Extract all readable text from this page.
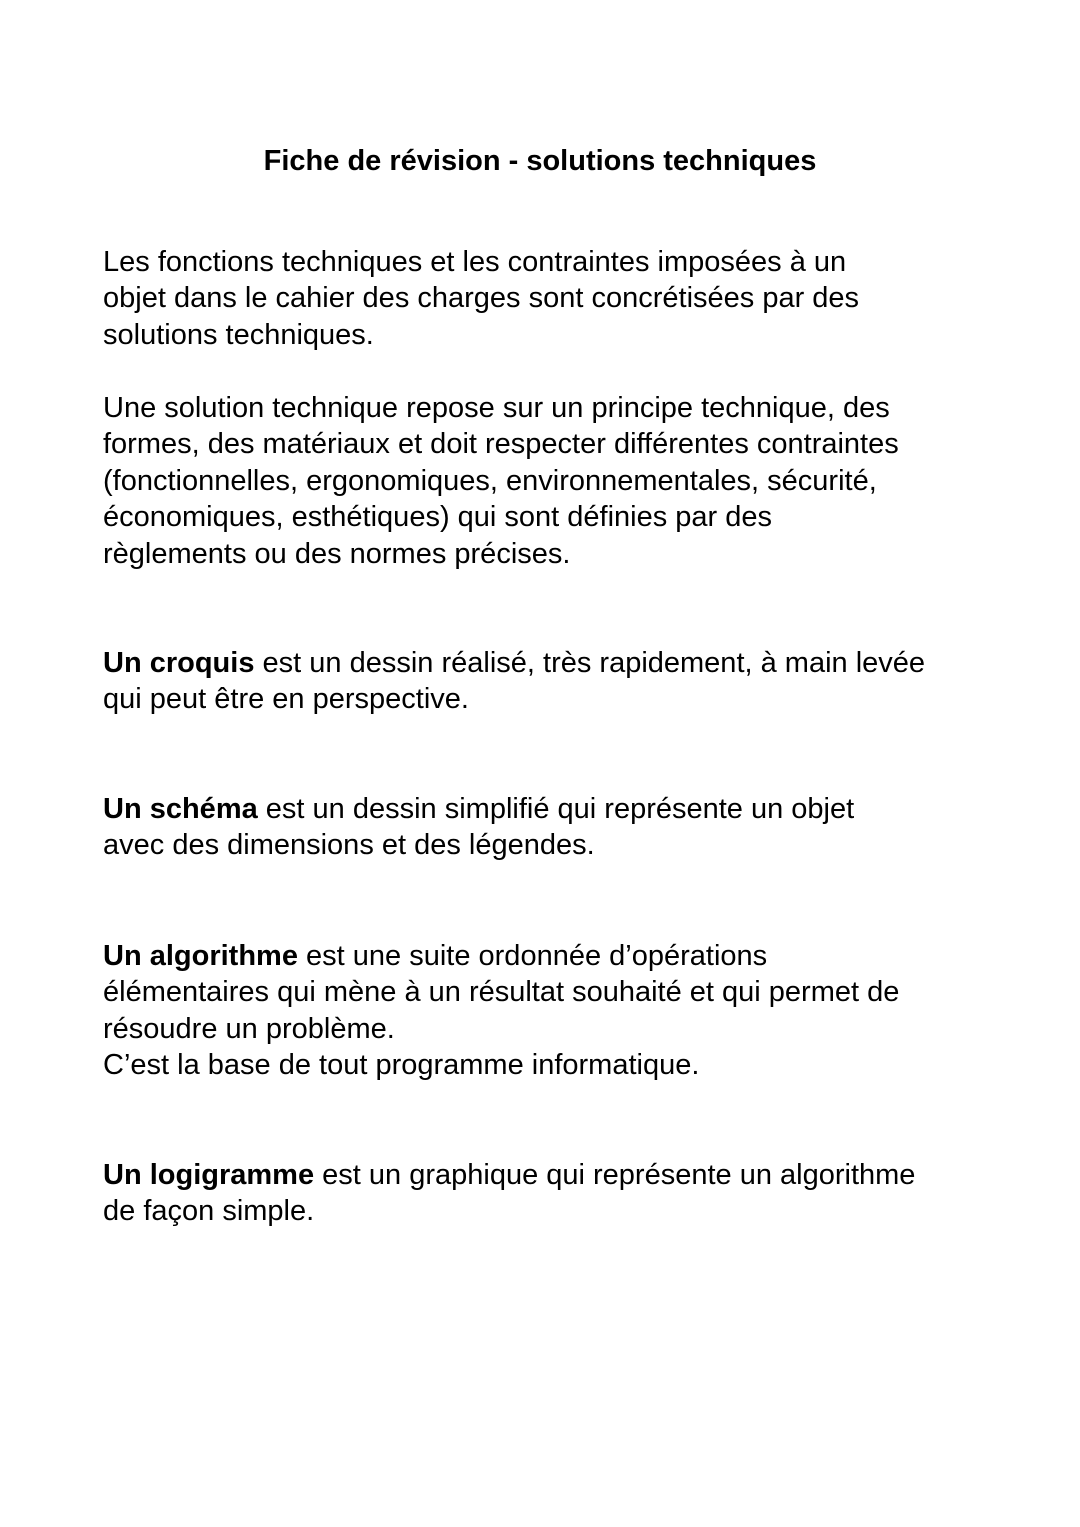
Fiche de révision - solutions techniques

Les fonctions techniques et les contraintes imposées à un
objet dans le cahier des charges sont concrétisées par des
solutions techniques.

Une solution technique repose sur un principe technique, des
formes, des matériaux et doit respecter différentes contraintes
(fonctionnelles, ergonomiques, environnementales, sécurité,
économiques, esthétiques) qui sont définies par des
règlements ou des normes précises.

Un croquis est un dessin réalisé, très rapidement, à main levée
qui peut être en perspective.

Un schéma est un dessin simplifié qui représente un objet
avec des dimensions et des légendes.

Un algorithme est une suite ordonnée d’opérations
élémentaires qui mène à un résultat souhaité et qui permet de
résoudre un problème.
C’est la base de tout programme informatique.

Un logigramme est un graphique qui représente un algorithme
de façon simple.
